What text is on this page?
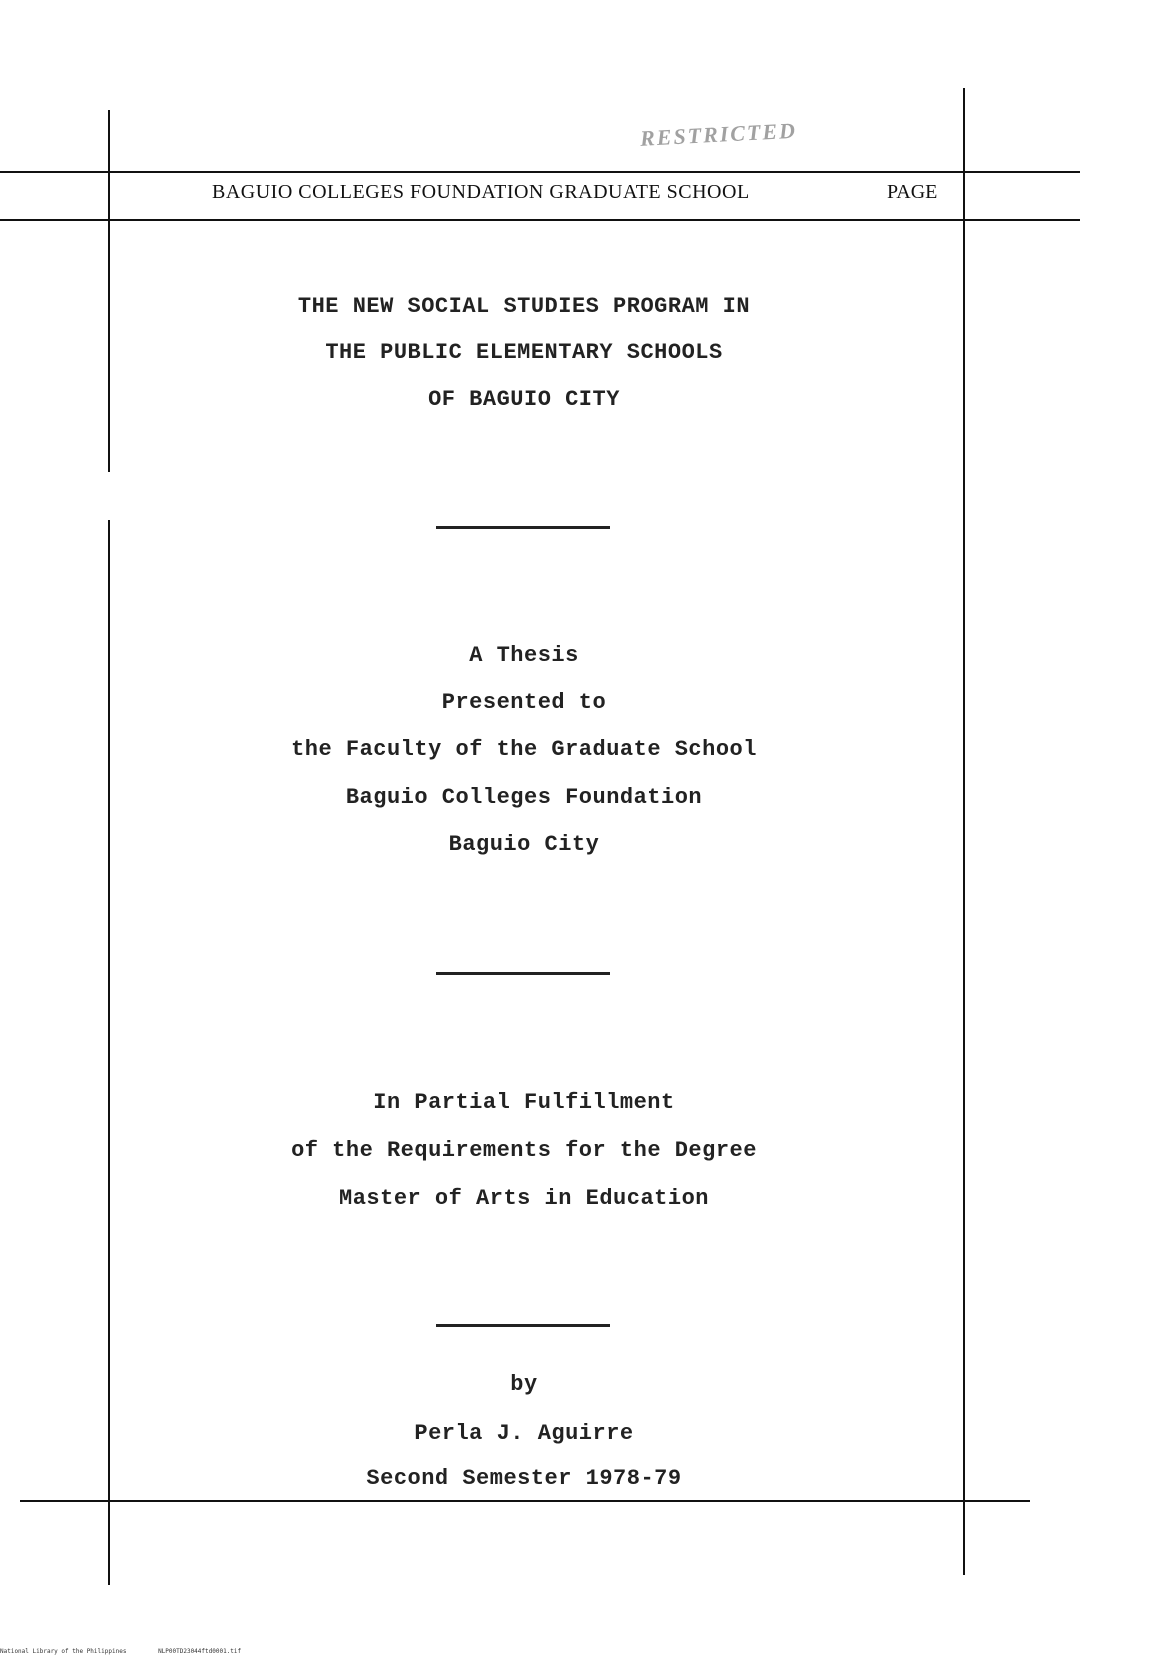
RESTRICTED
BAGUIO COLLEGES FOUNDATION GRADUATE SCHOOL	PAGE
THE NEW SOCIAL STUDIES PROGRAM IN
THE PUBLIC ELEMENTARY SCHOOLS
OF BAGUIO CITY
A Thesis
Presented to
the Faculty of the Graduate School
Baguio Colleges Foundation
Baguio City
In Partial Fulfillment
of the Requirements for the Degree
Master of Arts in Education
by
Perla J. Aguirre
Second Semester 1978-79
National Library of the Philippines	NLP00TD23044ftd0001.tif
